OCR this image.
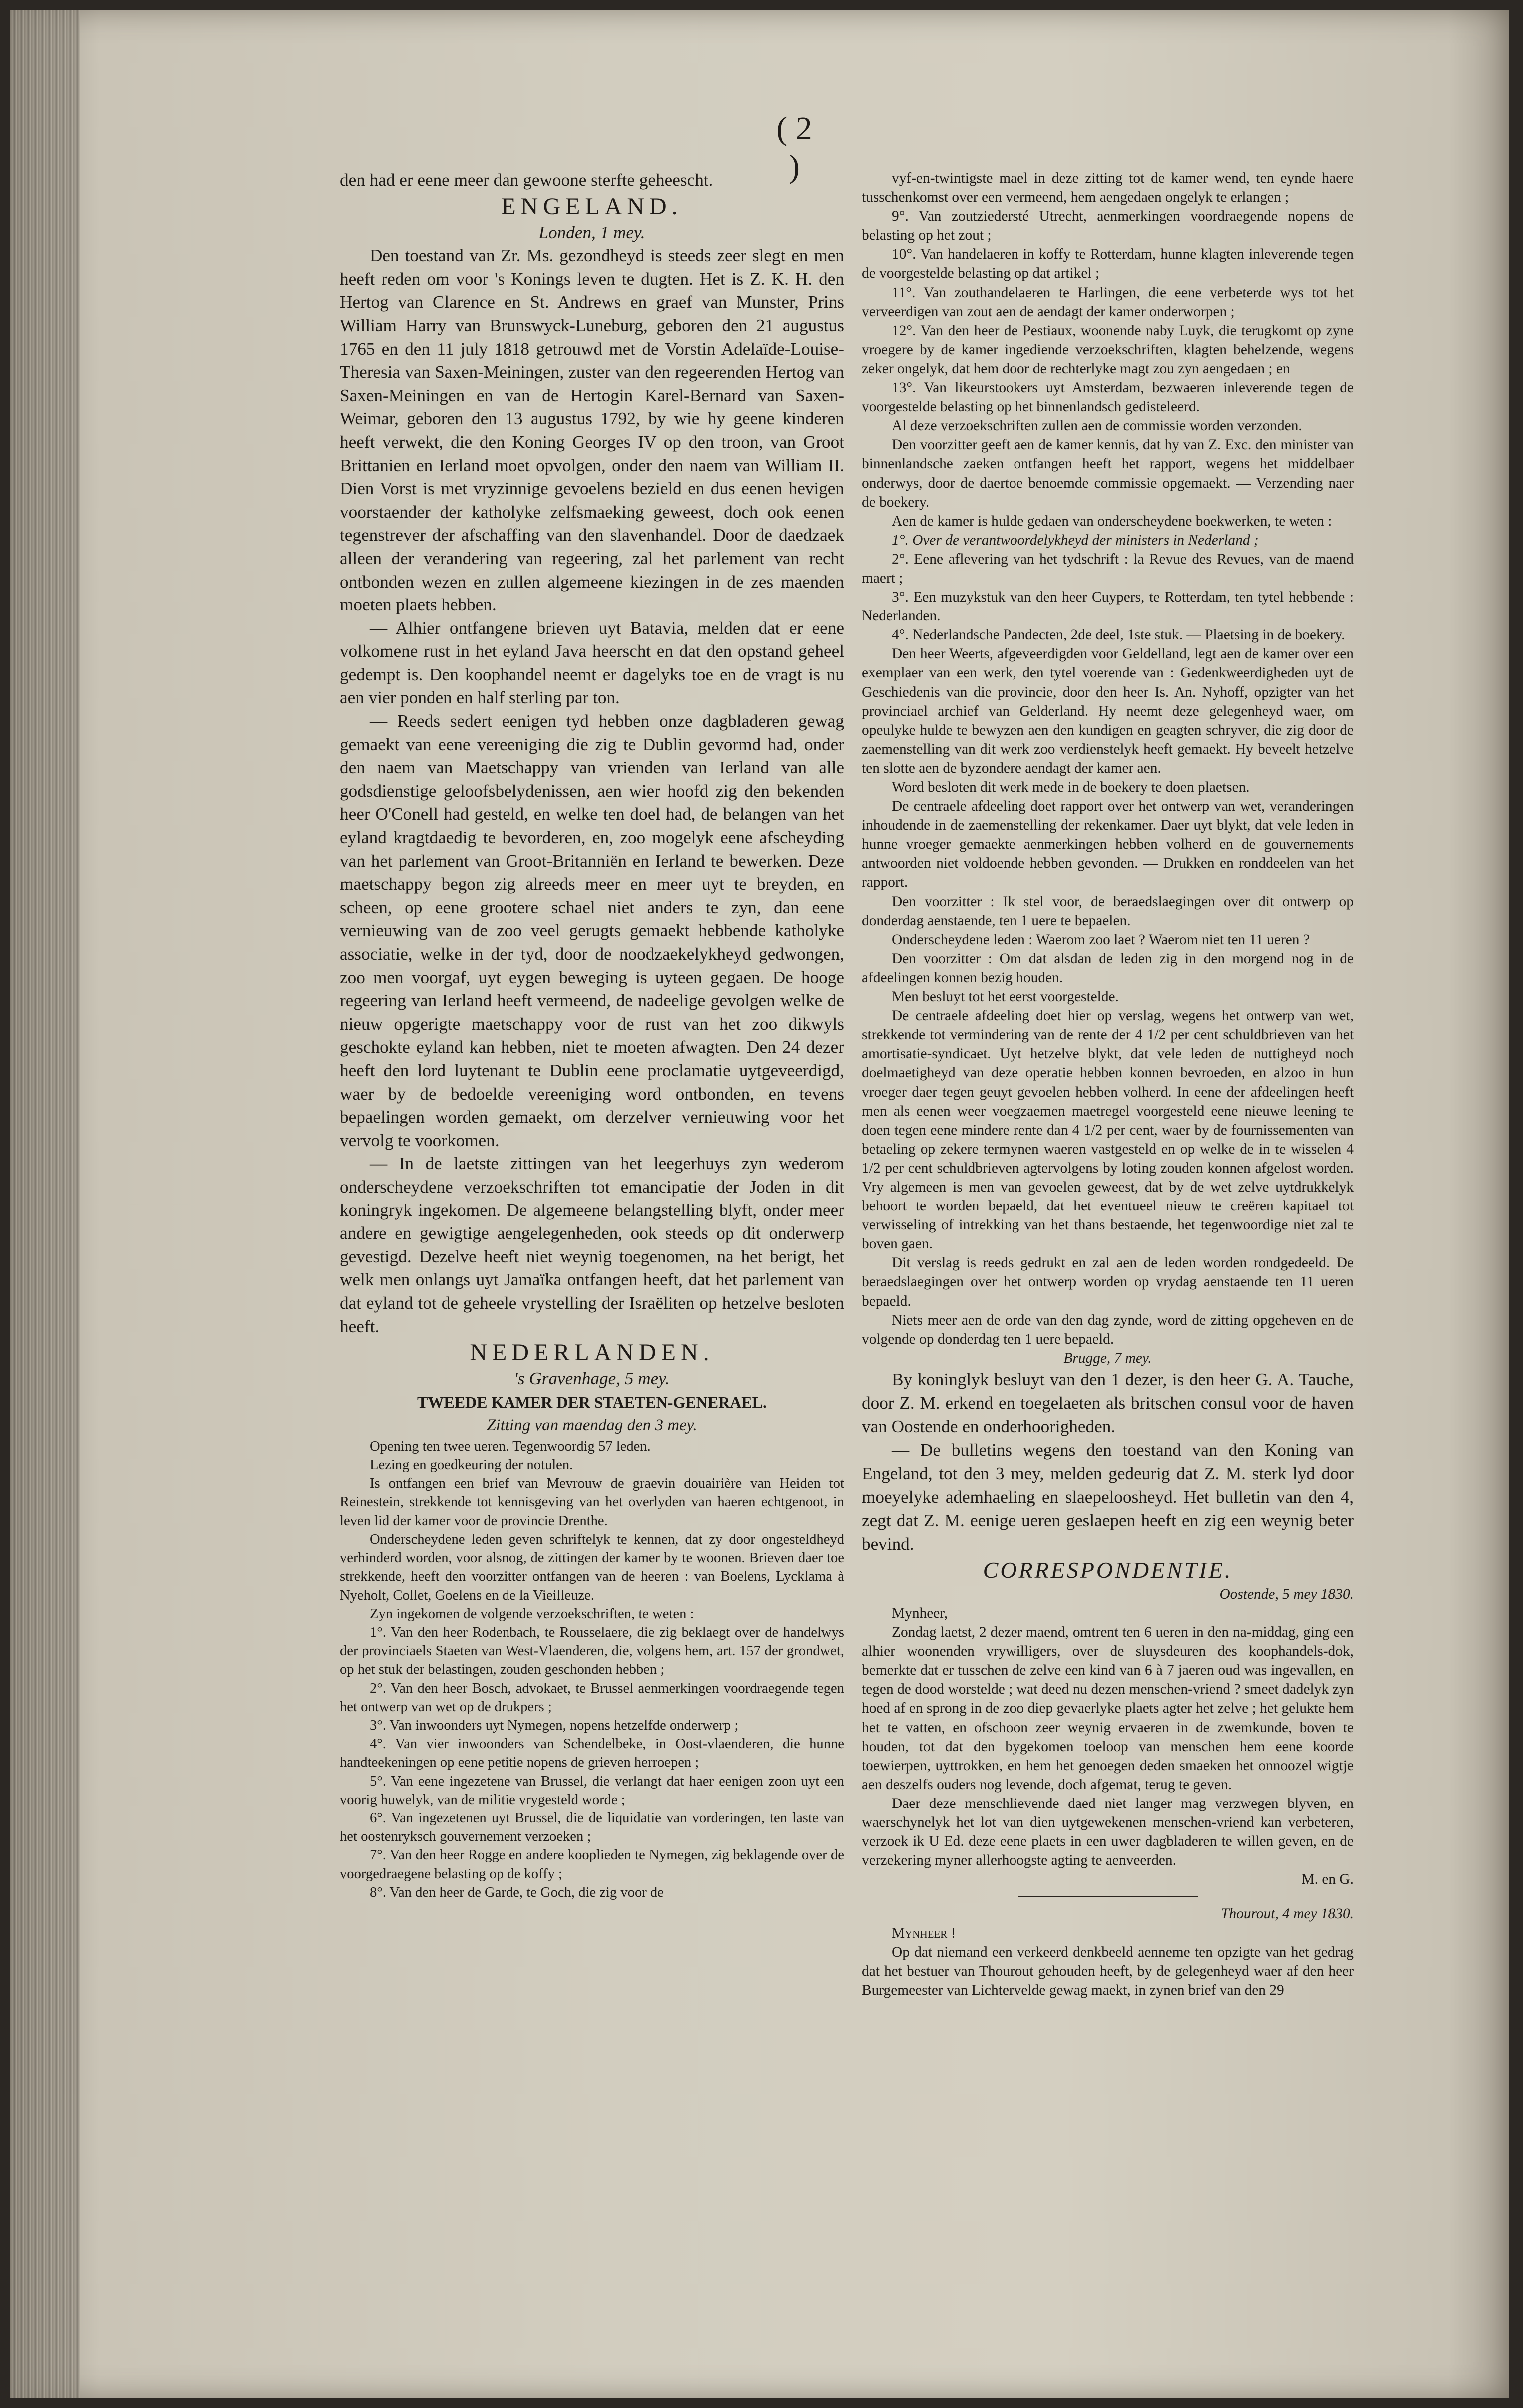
( 2 )

den had er eene meer dan gewoone sterfte geheescht.

ENGELAND.

Londen, 1 mey.

Den toestand van Zr. Ms. gezondheyd is steeds zeer slegt en men heeft reden om voor 's Konings leven te dugten. Het is Z. K. H. den Hertog van Clarence en St. Andrews en graef van Munster, Prins William Harry van Brunswyck-Luneburg, geboren den 21 augustus 1765 en den 11 july 1818 getrouwd met de Vorstin Adelaïde-Louise-Theresia van Saxen-Meiningen, zuster van den regeerenden Hertog van Saxen-Meiningen en van de Hertogin Karel-Bernard van Saxen-Weimar, geboren den 13 augustus 1792, by wie hy geene kinderen heeft verwekt, die den Koning Georges IV op den troon, van Groot Brittanien en Ierland moet opvolgen, onder den naem van William II. Dien Vorst is met vryzinnige gevoelens bezield en dus eenen hevigen voorstaender der katholyke zelfsmaeking geweest, doch ook eenen tegenstrever der afschaffing van den slavenhandel. Door de daedzaek alleen der verandering van regeering, zal het parlement van recht ontbonden wezen en zullen algemeene kiezingen in de zes maenden moeten plaets hebben.

— Alhier ontfangene brieven uyt Batavia, melden dat er eene volkomene rust in het eyland Java heerscht en dat den opstand geheel gedempt is. Den koophandel neemt er dagelyks toe en de vragt is nu aen vier ponden en half sterling par ton.

— Reeds sedert eenigen tyd hebben onze dagbladeren gewag gemaekt van eene vereeniging die zig te Dublin gevormd had, onder den naem van Maetschappy van vrienden van Ierland van alle godsdienstige geloofsbelydenissen, aen wier hoofd zig den bekenden heer O'Conell had gesteld, en welke ten doel had, de belangen van het eyland kragtdaedig te bevorderen, en, zoo mogelyk eene afscheyding van het parlement van Groot-Britanniën en Ierland te bewerken. Deze maetschappy begon zig alreeds meer en meer uyt te breyden, en scheen, op eene grootere schael niet anders te zyn, dan eene vernieuwing van de zoo veel gerugts gemaekt hebbende katholyke associatie, welke in der tyd, door de noodzaekelykheyd gedwongen, zoo men voorgaf, uyt eygen beweging is uyteen gegaen. De hooge regeering van Ierland heeft vermeend, de nadeelige gevolgen welke de nieuw opgerigte maetschappy voor de rust van het zoo dikwyls geschokte eyland kan hebben, niet te moeten afwagten. Den 24 dezer heeft den lord luytenant te Dublin eene proclamatie uytgeveerdigd, waer by de bedoelde vereeniging word ontbonden, en tevens bepaelingen worden gemaekt, om derzelver vernieuwing voor het vervolg te voorkomen.

— In de laetste zittingen van het leegerhuys zyn wederom onderscheydene verzoekschriften tot emancipatie der Joden in dit koningryk ingekomen. De algemeene belangstelling blyft, onder meer andere en gewigtige aengelegenheden, ook steeds op dit onderwerp gevestigd. Dezelve heeft niet weynig toegenomen, na het berigt, het welk men onlangs uyt Jamaïka ontfangen heeft, dat het parlement van dat eyland tot de geheele vrystelling der Israëliten op hetzelve besloten heeft.

NEDERLANDEN.

's Gravenhage, 5 mey.

TWEEDE KAMER DER STAETEN-GENERAEL.

Zitting van maendag den 3 mey.

Opening ten twee ueren. Tegenwoordig 57 leden.

Lezing en goedkeuring der notulen.

Is ontfangen een brief van Mevrouw de graevin douairière van Heiden tot Reinestein, strekkende tot kennisgeving van het overlyden van haeren echtgenoot, in leven lid der kamer voor de provincie Drenthe.

Onderscheydene leden geven schriftelyk te kennen, dat zy door ongesteldheyd verhinderd worden, voor alsnog, de zittingen der kamer by te woonen. Brieven daer toe strekkende, heeft den voorzitter ontfangen van de heeren : van Boelens, Lycklama à Nyeholt, Collet, Goelens en de la Vieilleuze.

Zyn ingekomen de volgende verzoekschriften, te weten :

1°. Van den heer Rodenbach, te Rousselaere, die zig beklaegt over de handelwys der provinciaels Staeten van West-Vlaenderen, die, volgens hem, art. 157 der grondwet, op het stuk der belastingen, zouden geschonden hebben ;

2°. Van den heer Bosch, advokaet, te Brussel aenmerkingen voordraegende tegen het ontwerp van wet op de drukpers ;

3°. Van inwoonders uyt Nymegen, nopens hetzelfde onderwerp ;

4°. Van vier inwoonders van Schendelbeke, in Oost-vlaenderen, die hunne handteekeningen op eene petitie nopens de grieven herroepen ;

5°. Van eene ingezetene van Brussel, die verlangt dat haer eenigen zoon uyt een voorig huwelyk, van de militie vrygesteld worde ;

6°. Van ingezetenen uyt Brussel, die de liquidatie van vorderingen, ten laste van het oostenryksch gouvernement verzoeken ;

7°. Van den heer Rogge en andere kooplieden te Nymegen, zig beklagende over de voorgedraegene belasting op de koffy ;

8°. Van den heer de Garde, te Goch, die zig voor de

vyf-en-twintigste mael in deze zitting tot de kamer wend, ten eynde haere tusschenkomst over een vermeend, hem aengedaen ongelyk te erlangen ;

9°. Van zoutziedersté Utrecht, aenmerkingen voordraegende nopens de belasting op het zout ;

10°. Van handelaeren in koffy te Rotterdam, hunne klagten inleverende tegen de voorgestelde belasting op dat artikel ;

11°. Van zouthandelaeren te Harlingen, die eene verbeterde wys tot het verveerdigen van zout aen de aendagt der kamer onderworpen ;

12°. Van den heer de Pestiaux, woonende naby Luyk, die terugkomt op zyne vroegere by de kamer ingediende verzoekschriften, klagten behelzende, wegens zeker ongelyk, dat hem door de rechterlyke magt zou zyn aengedaen ; en

13°. Van likeurstookers uyt Amsterdam, bezwaeren inleverende tegen de voorgestelde belasting op het binnenlandsch gedisteleerd.

Al deze verzoekschriften zullen aen de commissie worden verzonden.

Den voorzitter geeft aen de kamer kennis, dat hy van Z. Exc. den minister van binnenlandsche zaeken ontfangen heeft het rapport, wegens het middelbaer onderwys, door de daertoe benoemde commissie opgemaekt. — Verzending naer de boekery.

Aen de kamer is hulde gedaen van onderscheydene boekwerken, te weten :

1°. Over de verantwoordelykheyd der ministers in Nederland ;

2°. Eene aflevering van het tydschrift : la Revue des Revues, van de maend maert ;

3°. Een muzykstuk van den heer Cuypers, te Rotterdam, ten tytel hebbende : Nederlanden.

4°. Nederlandsche Pandecten, 2de deel, 1ste stuk. — Plaetsing in de boekery.

Den heer Weerts, afgeveerdigden voor Geldelland, legt aen de kamer over een exemplaer van een werk, den tytel voerende van : Gedenkweerdigheden uyt de Geschiedenis van die provincie, door den heer Is. An. Nyhoff, opzigter van het provinciael archief van Gelderland. Hy neemt deze gelegenheyd waer, om opeulyke hulde te bewyzen aen den kundigen en geagten schryver, die zig door de zaemenstelling van dit werk zoo verdienstelyk heeft gemaekt. Hy beveelt hetzelve ten slotte aen de byzondere aendagt der kamer aen.

Word besloten dit werk mede in de boekery te doen plaetsen.

De centraele afdeeling doet rapport over het ontwerp van wet, veranderingen inhoudende in de zaemenstelling der rekenkamer. Daer uyt blykt, dat vele leden in hunne vroeger gemaekte aenmerkingen hebben volherd en de gouvernements antwoorden niet voldoende hebben gevonden. — Drukken en ronddeelen van het rapport.

Den voorzitter : Ik stel voor, de beraedslaegingen over dit ontwerp op donderdag aenstaende, ten 1 uere te bepaelen.

Onderscheydene leden : Waerom zoo laet ? Waerom niet ten 11 ueren ?

Den voorzitter : Om dat alsdan de leden zig in den morgend nog in de afdeelingen konnen bezig houden.

Men besluyt tot het eerst voorgestelde.

De centraele afdeeling doet hier op verslag, wegens het ontwerp van wet, strekkende tot vermindering van de rente der 4 1/2 per cent schuldbrieven van het amortisatie-syndicaet. Uyt hetzelve blykt, dat vele leden de nuttigheyd noch doelmaetigheyd van deze operatie hebben konnen bevroeden, en alzoo in hun vroeger daer tegen geuyt gevoelen hebben volherd. In eene der afdeelingen heeft men als eenen weer voegzaemen maetregel voorgesteld eene nieuwe leening te doen tegen eene mindere rente dan 4 1/2 per cent, waer by de fournissementen van betaeling op zekere termynen waeren vastgesteld en op welke de in te wisselen 4 1/2 per cent schuldbrieven agtervolgens by loting zouden konnen afgelost worden. Vry algemeen is men van gevoelen geweest, dat by de wet zelve uytdrukkelyk behoort te worden bepaeld, dat het eventueel nieuw te creëren kapitael tot verwisseling of intrekking van het thans bestaende, het tegenwoordige niet zal te boven gaen.

Dit verslag is reeds gedrukt en zal aen de leden worden rondgedeeld. De beraedslaegingen over het ontwerp worden op vrydag aenstaende ten 11 ueren bepaeld.

Niets meer aen de orde van den dag zynde, word de zitting opgeheven en de volgende op donderdag ten 1 uere bepaeld.

Brugge, 7 mey.

By koninglyk besluyt van den 1 dezer, is den heer G. A. Tauche, door Z. M. erkend en toegelaeten als britschen consul voor de haven van Oostende en onderhoorigheden.

— De bulletins wegens den toestand van den Koning van Engeland, tot den 3 mey, melden gedeurig dat Z. M. sterk lyd door moeyelyke ademhaeling en slaepeloosheyd. Het bulletin van den 4, zegt dat Z. M. eenige ueren geslaepen heeft en zig een weynig beter bevind.

CORRESPONDENTIE.

Oostende, 5 mey 1830.

Mynheer,

Zondag laetst, 2 dezer maend, omtrent ten 6 ueren in den na-middag, ging een alhier woonenden vrywilligers, over de sluysdeuren des koophandels-dok, bemerkte dat er tusschen de zelve een kind van 6 à 7 jaeren oud was ingevallen, en tegen de dood worstelde ; wat deed nu dezen menschen-vriend ? smeet dadelyk zyn hoed af en sprong in de zoo diep gevaerlyke plaets agter het zelve ; het gelukte hem het te vatten, en ofschoon zeer weynig ervaeren in de zwemkunde, boven te houden, tot dat den bygekomen toeloop van menschen hem eene koorde toewierpen, uyttrokken, en hem het genoegen deden smaeken het onnoozel wigtje aen deszelfs ouders nog levende, doch afgemat, terug te geven.

Daer deze menschlievende daed niet langer mag verzwegen blyven, en waerschynelyk het lot van dien uytgewekenen menschen-vriend kan verbeteren, verzoek ik U Ed. deze eene plaets in een uwer dagbladeren te willen geven, en de verzekering myner allerhoogste agting te aenveerden.

M. en G.

Thourout, 4 mey 1830.

Mynheer !

Op dat niemand een verkeerd denkbeeld aenneme ten opzigte van het gedrag dat het bestuer van Thourout gehouden heeft, by de gelegenheyd waer af den heer Burgemeester van Lichtervelde gewag maekt, in zynen brief van den 29
